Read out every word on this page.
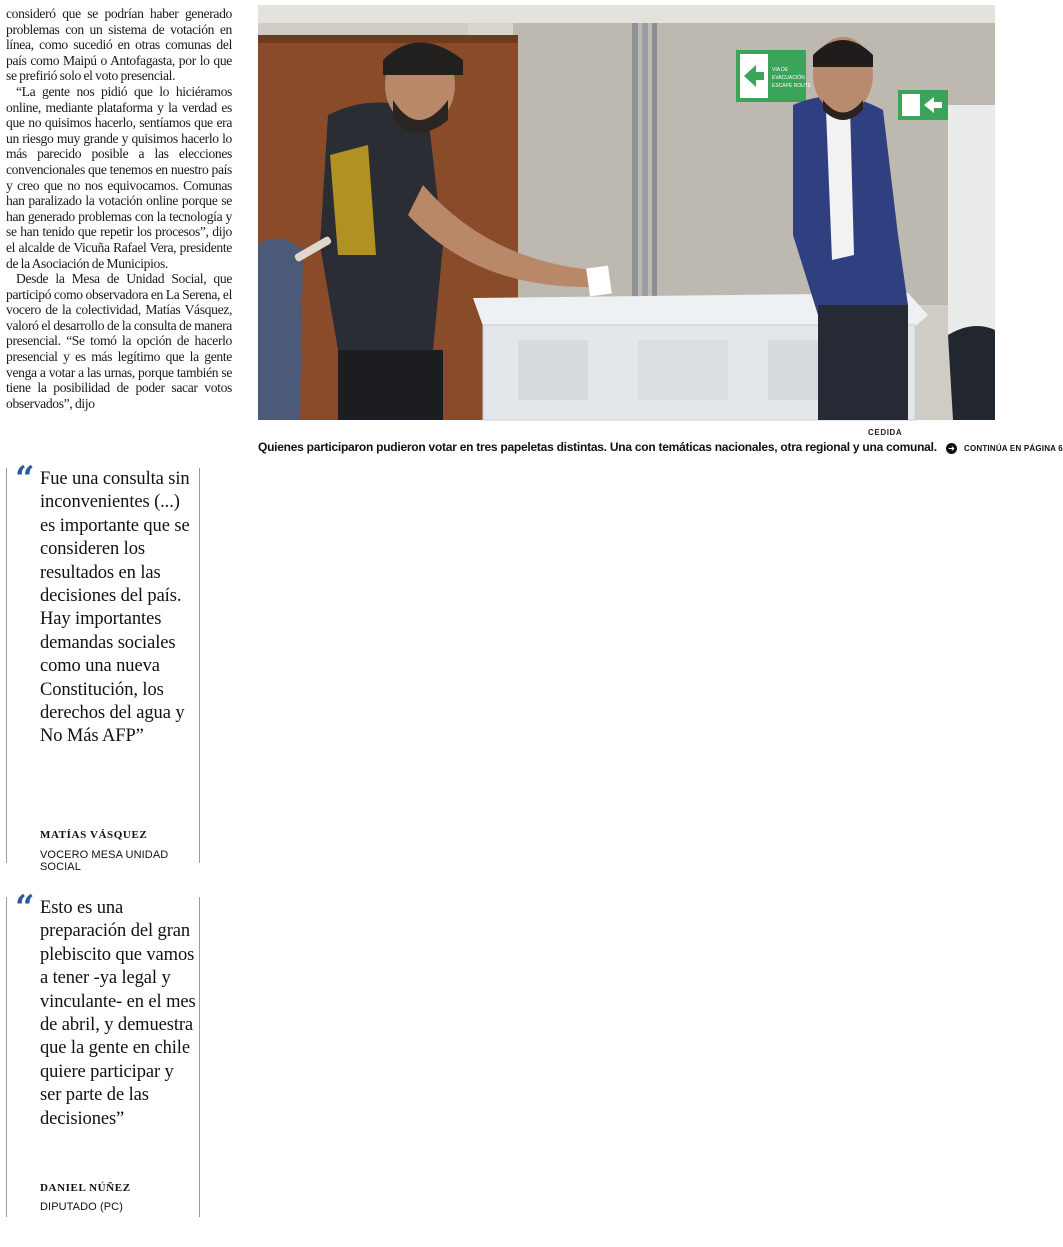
consideró que se podrían haber generado problemas con un sistema de votación en línea, como sucedió en otras comunas del país como Maipú o Antofagasta, por lo que se prefirió solo el voto presencial.

“La gente nos pidió que lo hiciéramos online, mediante plataforma y la verdad es que no quisimos hacerlo, sentíamos que era un riesgo muy grande y quisimos hacerlo lo más parecido posible a las elecciones convencionales que tenemos en nuestro país y creo que no nos equivocamos. Comunas han paralizado la votación online porque se han generado problemas con la tecnología y se han tenido que repetir los procesos”, dijo el alcalde de Vicuña Rafael Vera, presidente de la Asociación de Municipios.

Desde la Mesa de Unidad Social, que participó como observadora en La Serena, el vocero de la colectividad, Matías Vásquez, valoró el desarrollo de la consulta de manera presencial. “Se tomó la opción de hacerlo presencial y es más legítimo que la gente venga a votar a las urnas, porque también se tiene la posibilidad de poder sacar votos observados”, dijo

VIA DE
EVACUACIÓN
ESCAPE ROUTE
CEDIDA
Quienes participaron pudieron votar en tres papeletas distintas. Una con temáticas nacionales, otra regional y una comunal. ➜ CONTINÚA EN PÁGINA 6
“ Fue una consulta sin inconvenientes (...) es importante que se consideren los resultados en las decisiones del país. Hay importantes demandas sociales como una nueva Constitución, los derechos del agua y No Más AFP”
MATÍAS VÁSQUEZ
VOCERO MESA UNIDAD SOCIAL
“ Esto es una preparación del gran plebiscito que vamos a tener -ya legal y vinculante- en el mes de abril, y demuestra que la gente en chile quiere participar y ser parte de las decisiones”
DANIEL NÚÑEZ
DIPUTADO (PC)
